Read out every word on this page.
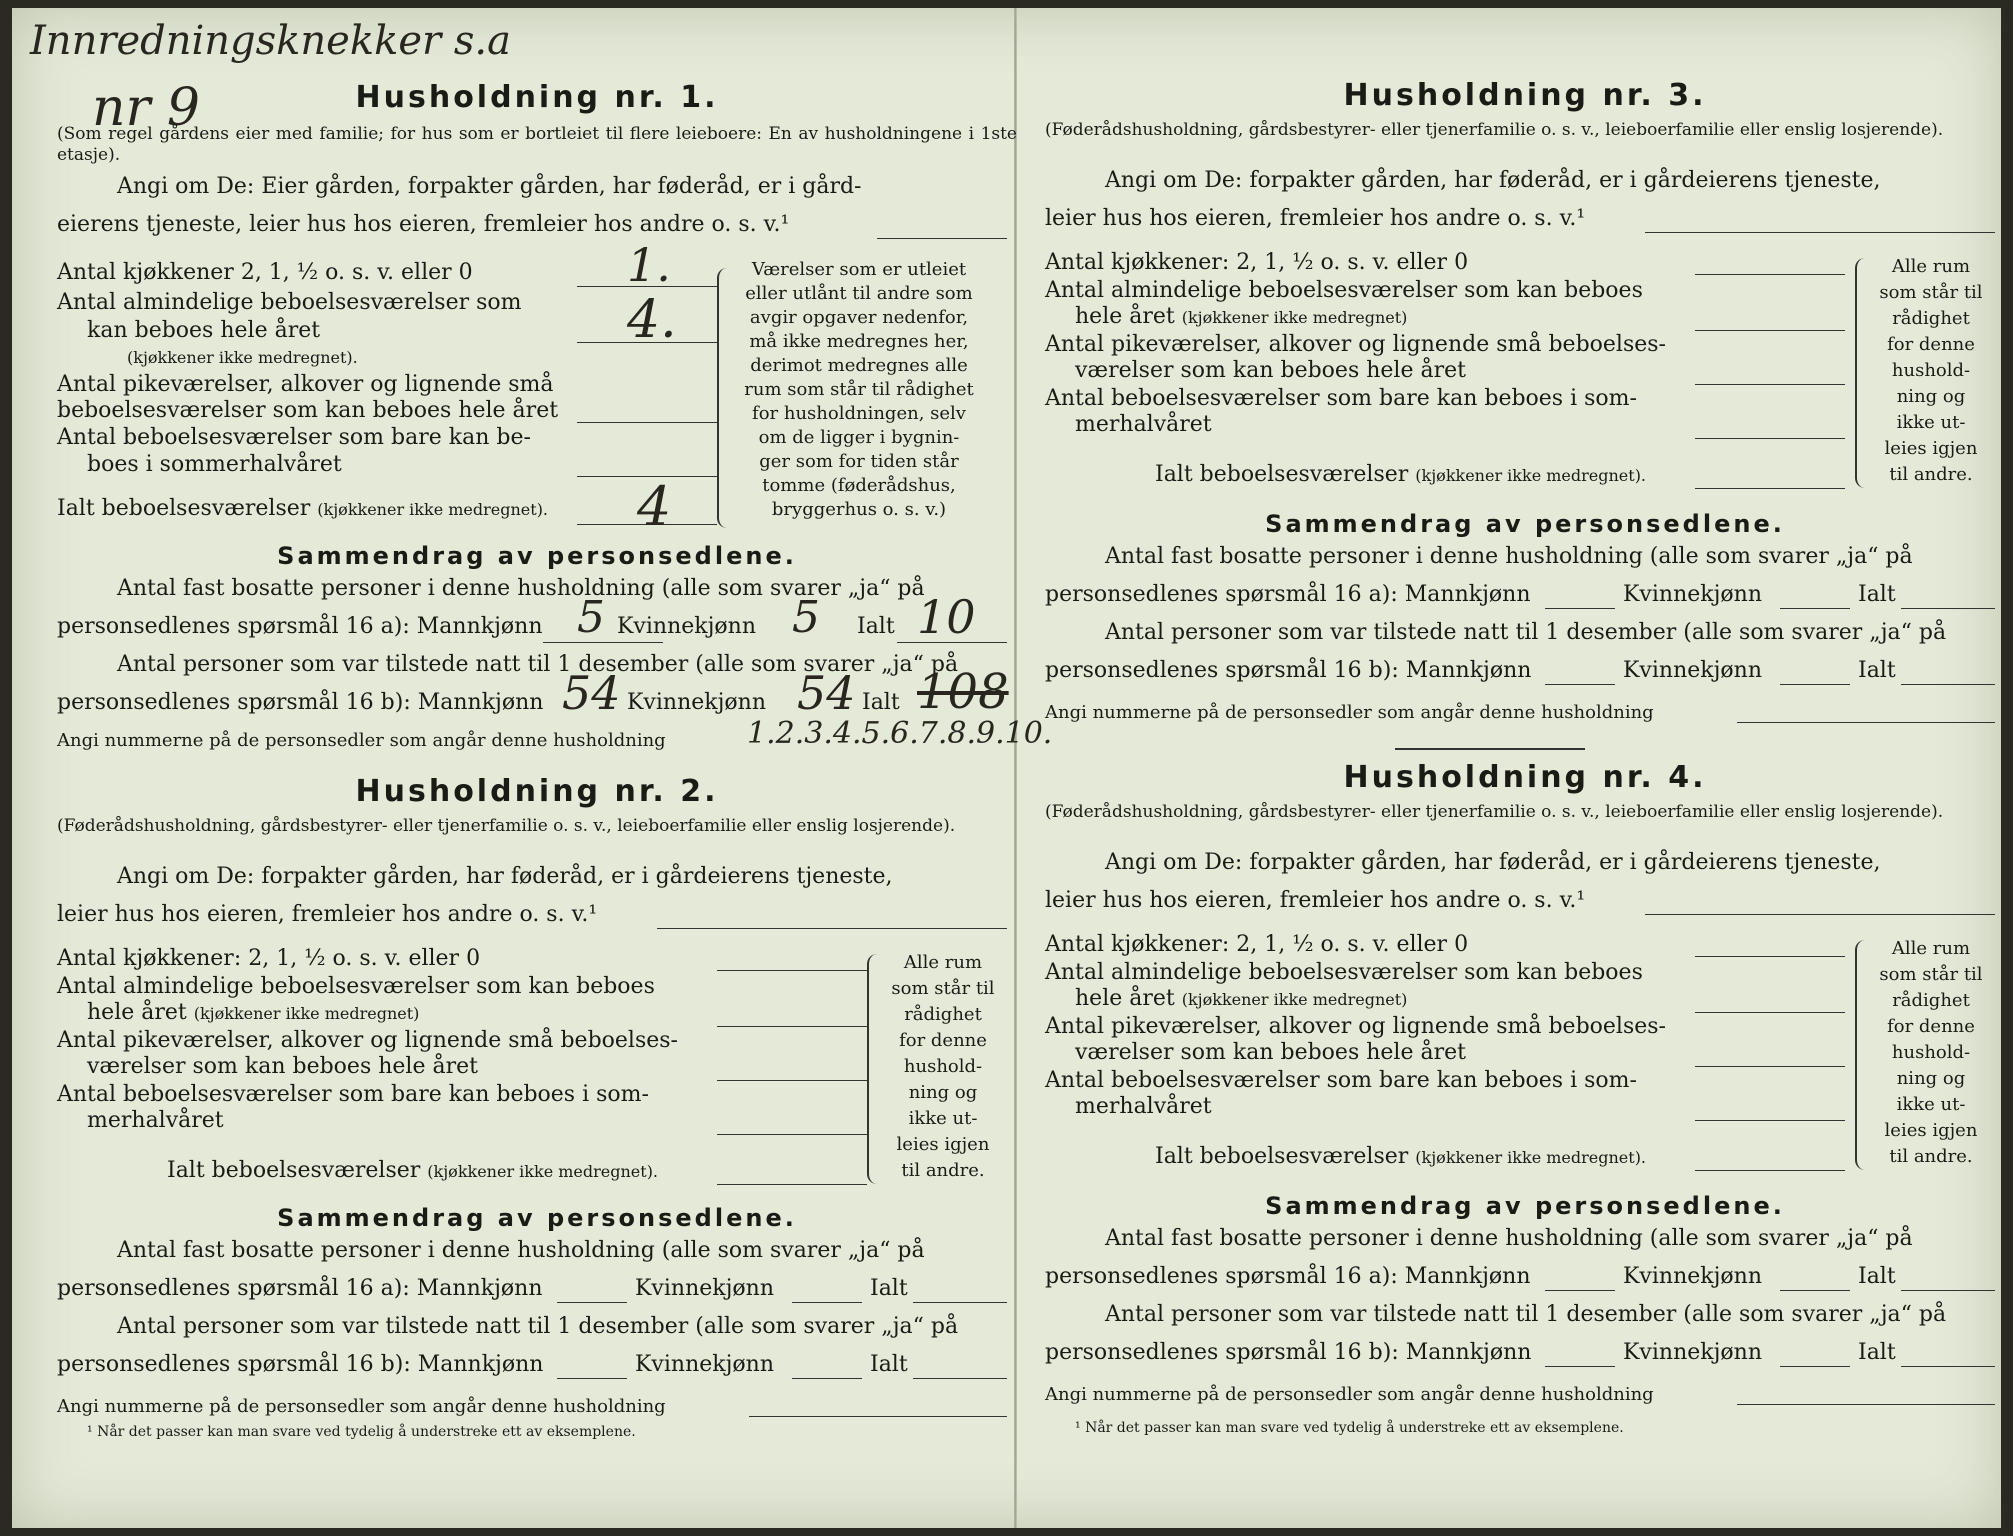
Innredningsknekker s.a
nr 9	Husholdning nr. 1.
(Som regel gårdens eier med familie; for hus som er bortleiet til flere leieboere: En av husholdningene i 1ste etasje).
Angi om De: Eier gården, forpakter gården, har føderåd, er i gård-
eierens tjeneste, leier hus hos eieren, fremleier hos andre o. s. v.¹
Antal kjøkkener 2, 1, ½ o. s. v. eller 0	1.
Antal almindelige beboelsesværelser som
kan beboes hele året	4.
(kjøkkener ikke medregnet).
Antal pikeværelser, alkover og lignende små
beboelsesværelser som kan beboes hele året
Antal beboelsesværelser som bare kan be-
boes i sommerhalvåret
Ialt beboelsesværelser (kjøkkener ikke medregnet). 4
Værelser som er utleiet
eller utlånt til andre som
avgir opgaver nedenfor,
må ikke medregnes her,
derimot medregnes alle
rum som står til rådighet
for husholdningen, selv
om de ligger i bygnin-
ger som for tiden står
tomme (føderådshus,
bryggerhus o. s. v.)
Sammendrag av personsedlene.
Antal fast bosatte personer i denne husholdning (alle som svarer „ja“ på
personsedlenes spørsmål 16 a): Mannkjønn 5 Kvinnekjønn 5 Ialt 10
Antal personer som var tilstede natt til 1 desember (alle som svarer „ja“ på
personsedlenes spørsmål 16 b): Mannkjønn 54 Kvinnekjønn 54 Ialt 108
Angi nummerne på de personsedler som angår denne husholdning	1.2.3.4.5.6.7.8.9.10.
Husholdning nr. 2.
(Føderådshusholdning, gårdsbestyrer- eller tjenerfamilie o. s. v., leieboerfamilie eller enslig losjerende).
Angi om De: forpakter gården, har føderåd, er i gårdeierens tjeneste,
leier hus hos eieren, fremleier hos andre o. s. v.¹
Antal kjøkkener: 2, 1, ½ o. s. v. eller 0
Antal almindelige beboelsesværelser som kan beboes
hele året (kjøkkener ikke medregnet)
Antal pikeværelser, alkover og lignende små beboelses-
værelser som kan beboes hele året
Antal beboelsesværelser som bare kan beboes i som-
merhalvåret
Ialt beboelsesværelser (kjøkkener ikke medregnet).
Alle rum
som står til
rådighet
for denne
hushold-
ning og
ikke ut-
leies igjen
til andre.
Sammendrag av personsedlene.
Antal fast bosatte personer i denne husholdning (alle som svarer „ja“ på
personsedlenes spørsmål 16 a): Mannkjønn	Kvinnekjønn	Ialt
Antal personer som var tilstede natt til 1 desember (alle som svarer „ja“ på
personsedlenes spørsmål 16 b): Mannkjønn	Kvinnekjønn	Ialt
Angi nummerne på de personsedler som angår denne husholdning
¹ Når det passer kan man svare ved tydelig å understreke ett av eksemplene.
Husholdning nr. 3.
(Føderådshusholdning, gårdsbestyrer- eller tjenerfamilie o. s. v., leieboerfamilie eller enslig losjerende).
Angi om De: forpakter gården, har føderåd, er i gårdeierens tjeneste,
leier hus hos eieren, fremleier hos andre o. s. v.¹
Antal kjøkkener: 2, 1, ½ o. s. v. eller 0
Antal almindelige beboelsesværelser som kan beboes
hele året (kjøkkener ikke medregnet)
Antal pikeværelser, alkover og lignende små beboelses-
værelser som kan beboes hele året
Antal beboelsesværelser som bare kan beboes i som-
merhalvåret
Ialt beboelsesværelser (kjøkkener ikke medregnet).
Alle rum
som står til
rådighet
for denne
hushold-
ning og
ikke ut-
leies igjen
til andre.
Sammendrag av personsedlene.
Antal fast bosatte personer i denne husholdning (alle som svarer „ja“ på
personsedlenes spørsmål 16 a): Mannkjønn	Kvinnekjønn	Ialt
Antal personer som var tilstede natt til 1 desember (alle som svarer „ja“ på
personsedlenes spørsmål 16 b): Mannkjønn	Kvinnekjønn	Ialt
Angi nummerne på de personsedler som angår denne husholdning
Husholdning nr. 4.
(Føderådshusholdning, gårdsbestyrer- eller tjenerfamilie o. s. v., leieboerfamilie eller enslig losjerende).
Angi om De: forpakter gården, har føderåd, er i gårdeierens tjeneste,
leier hus hos eieren, fremleier hos andre o. s. v.¹
Antal kjøkkener: 2, 1, ½ o. s. v. eller 0
Antal almindelige beboelsesværelser som kan beboes
hele året (kjøkkener ikke medregnet)
Antal pikeværelser, alkover og lignende små beboelses-
værelser som kan beboes hele året
Antal beboelsesværelser som bare kan beboes i som-
merhalvåret
Ialt beboelsesværelser (kjøkkener ikke medregnet).
Alle rum
som står til
rådighet
for denne
hushold-
ning og
ikke ut-
leies igjen
til andre.
Sammendrag av personsedlene.
Antal fast bosatte personer i denne husholdning (alle som svarer „ja“ på
personsedlenes spørsmål 16 a): Mannkjønn	Kvinnekjønn	Ialt
Antal personer som var tilstede natt til 1 desember (alle som svarer „ja“ på
personsedlenes spørsmål 16 b): Mannkjønn	Kvinnekjønn	Ialt
Angi nummerne på de personsedler som angår denne husholdning
¹ Når det passer kan man svare ved tydelig å understreke ett av eksemplene.
